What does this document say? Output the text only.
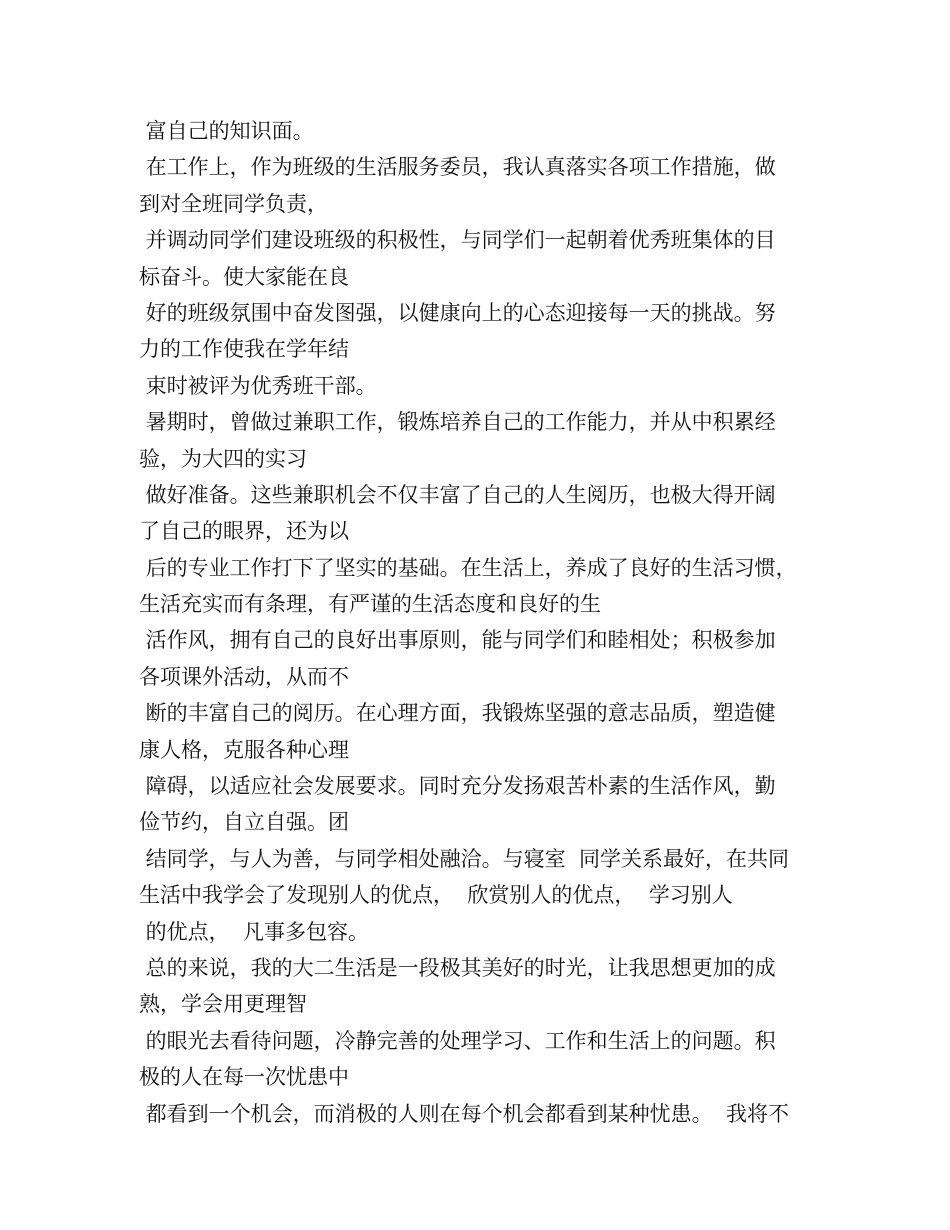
富自己的知识面。
在工作上，作为班级的生活服务委员，我认真落实各项工作措施，做
到对全班同学负责，
并调动同学们建设班级的积极性，与同学们一起朝着优秀班集体的目
标奋斗。使大家能在良
好的班级氛围中奋发图强，以健康向上的心态迎接每一天的挑战。努
力的工作使我在学年结
束时被评为优秀班干部。
暑期时，曾做过兼职工作，锻炼培养自己的工作能力，并从中积累经
验，为大四的实习
做好准备。这些兼职机会不仅丰富了自己的人生阅历，也极大得开阔
了自己的眼界，还为以
后的专业工作打下了坚实的基础。在生活上，养成了良好的生活习惯，
生活充实而有条理，有严谨的生活态度和良好的生
活作风，拥有自己的良好出事原则，能与同学们和睦相处；积极参加
各项课外活动，从而不
断的丰富自己的阅历。在心理方面，我锻炼坚强的意志品质，塑造健
康人格，克服各种心理
障碍，以适应社会发展要求。同时充分发扬艰苦朴素的生活作风，勤
俭节约，自立自强。团
结同学，与人为善，与同学相处融洽。与寝室  同学关系最好，在共同
生活中我学会了发现别人的优点，  欣赏别人的优点，  学习别人
的优点，  凡事多包容。
总的来说，我的大二生活是一段极其美好的时光，让我思想更加的成
熟，学会用更理智
的眼光去看待问题，冷静完善的处理学习、工作和生活上的问题。积
极的人在每一次忧患中
都看到一个机会，而消极的人则在每个机会都看到某种忧患。  我将不
